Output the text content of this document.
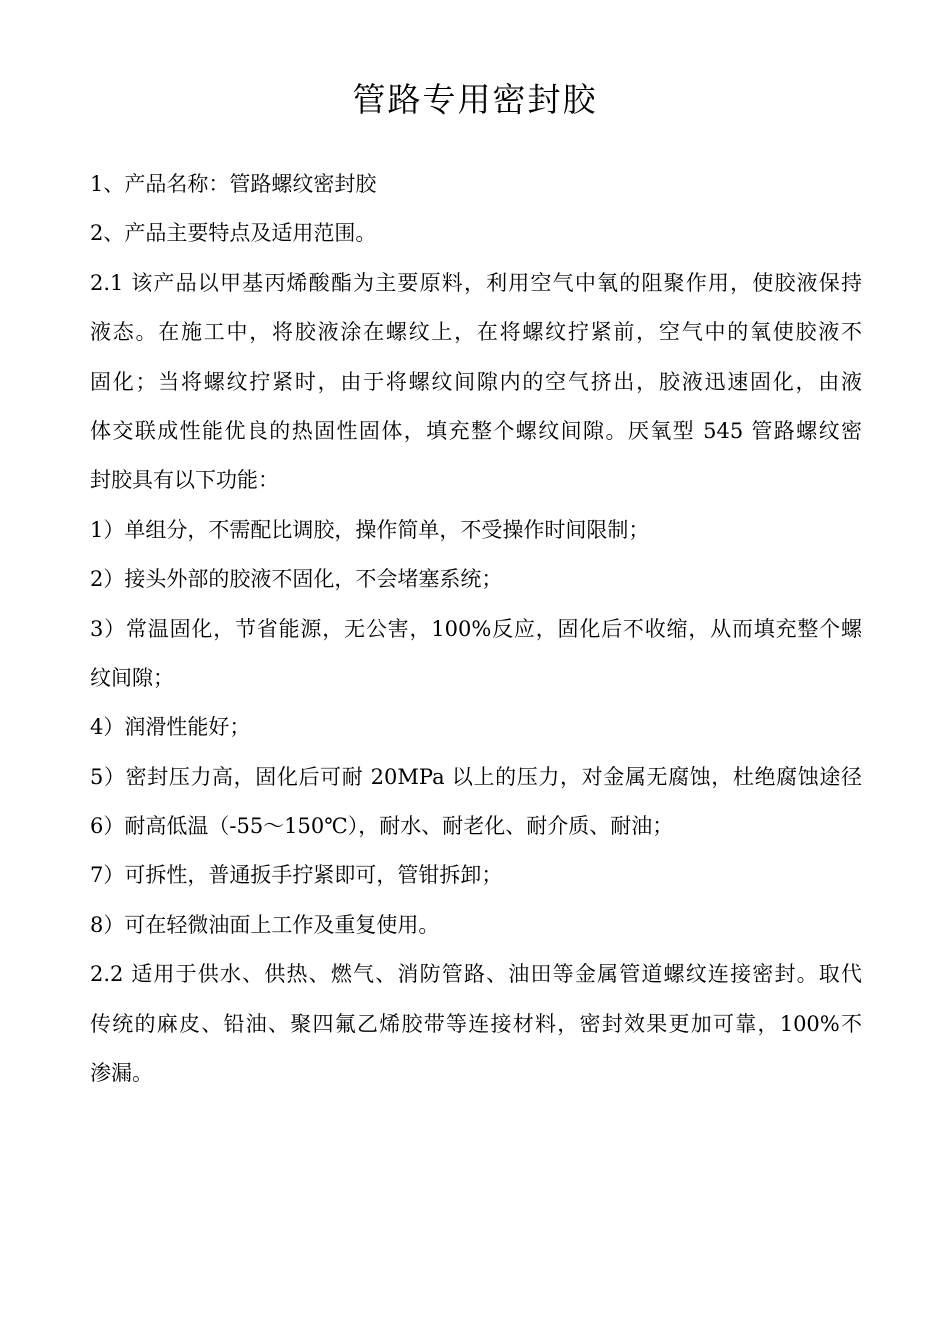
管路专用密封胶

1、产品名称：管路螺纹密封胶

2、产品主要特点及适用范围。

2.1 该产品以甲基丙烯酸酯为主要原料，利用空气中氧的阻聚作用，使胶液保持

液态。在施工中，将胶液涂在螺纹上，在将螺纹拧紧前，空气中的氧使胶液不

固化；当将螺纹拧紧时，由于将螺纹间隙内的空气挤出，胶液迅速固化，由液

体交联成性能优良的热固性固体，填充整个螺纹间隙。厌氧型 545 管路螺纹密

封胶具有以下功能：

1）单组分，不需配比调胶，操作简单，不受操作时间限制；

2）接头外部的胶液不固化，不会堵塞系统；

3）常温固化，节省能源，无公害，100%反应，固化后不收缩，从而填充整个螺

纹间隙；

4）润滑性能好；

5）密封压力高，固化后可耐 20MPa 以上的压力，对金属无腐蚀，杜绝腐蚀途径

6）耐高低温（-55～150℃），耐水、耐老化、耐介质、耐油；

7）可拆性，普通扳手拧紧即可，管钳拆卸；

8）可在轻微油面上工作及重复使用。

2.2 适用于供水、供热、燃气、消防管路、油田等金属管道螺纹连接密封。取代

传统的麻皮、铅油、聚四氟乙烯胶带等连接材料，密封效果更加可靠，100%不

渗漏。
